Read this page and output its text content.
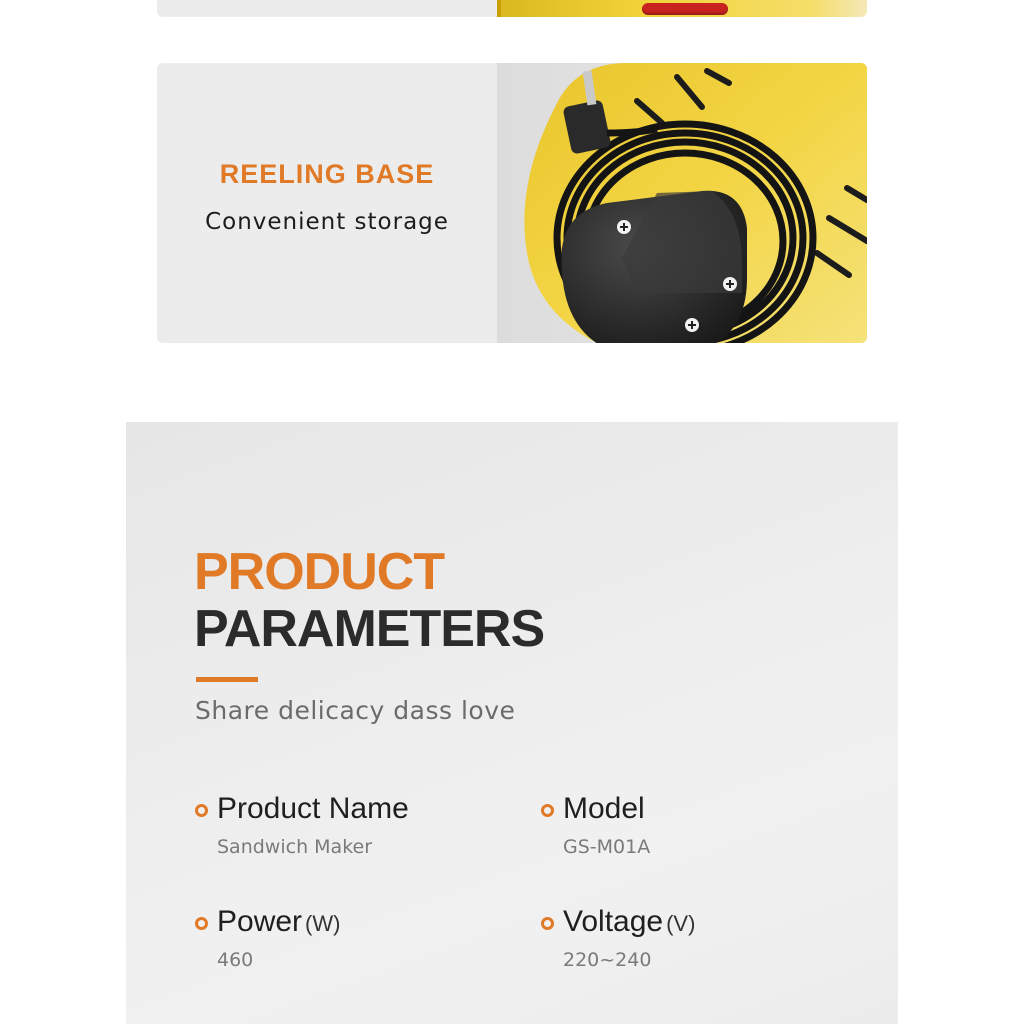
REELING BASE
Convenient storage
PRODUCT
PARAMETERS
Share delicacy dass love
Product Name
Sandwich Maker
Model
GS-M01A
Power (W)
460
Voltage (V)
220~240
